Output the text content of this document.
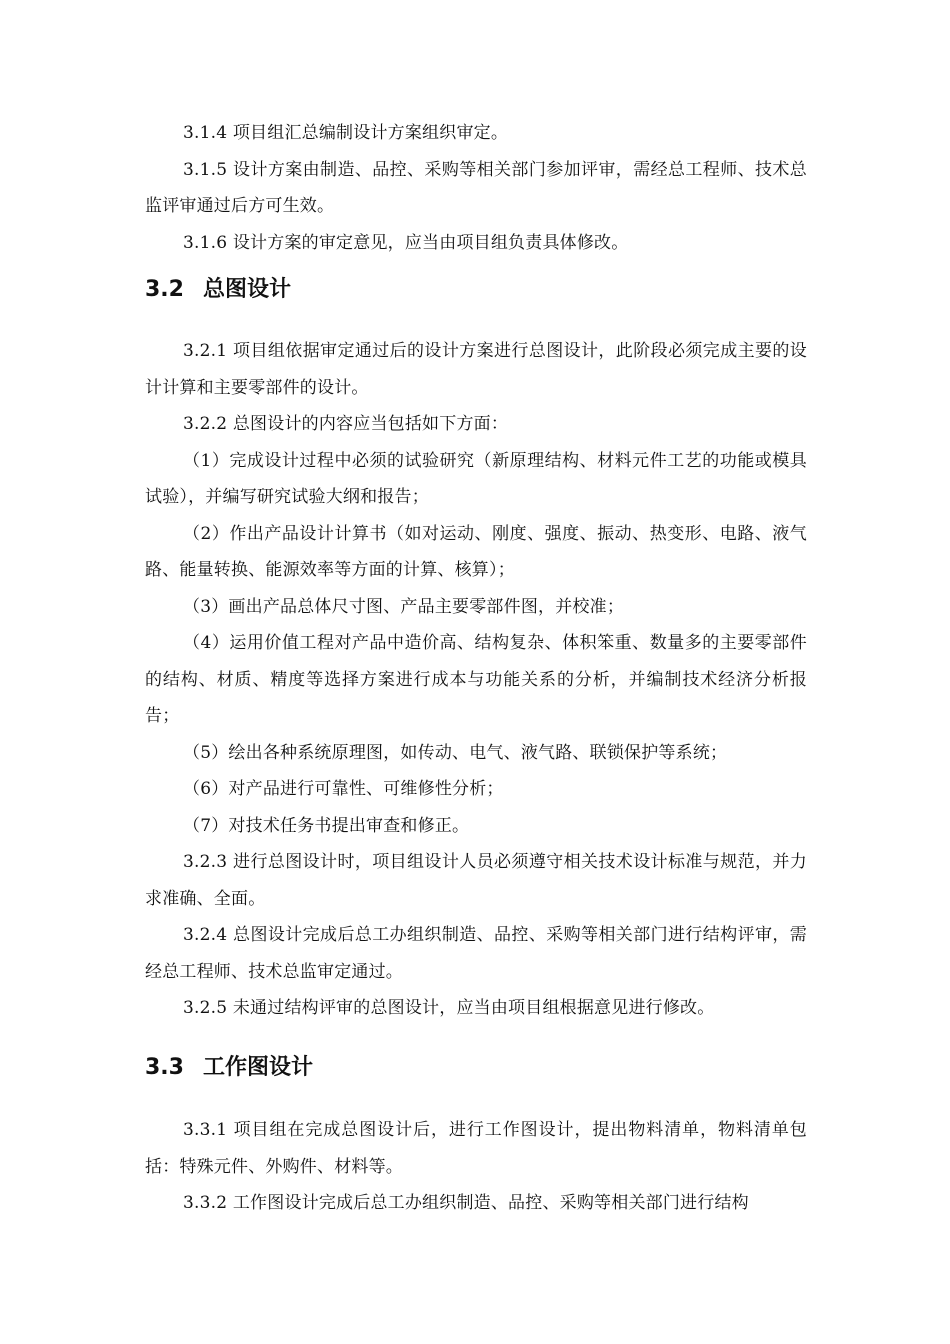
3.1.4 项目组汇总编制设计方案组织审定。

3.1.5 设计方案由制造、品控、采购等相关部门参加评审，需经总工程师、技术总监评审通过后方可生效。

3.1.6 设计方案的审定意见，应当由项目组负责具体修改。

3.2 总图设计

3.2.1 项目组依据审定通过后的设计方案进行总图设计，此阶段必须完成主要的设计计算和主要零部件的设计。

3.2.2 总图设计的内容应当包括如下方面：

（1）完成设计过程中必须的试验研究（新原理结构、材料元件工艺的功能或模具试验），并编写研究试验大纲和报告；

（2）作出产品设计计算书（如对运动、刚度、强度、振动、热变形、电路、液气路、能量转换、能源效率等方面的计算、核算）；

（3）画出产品总体尺寸图、产品主要零部件图，并校准；

（4）运用价值工程对产品中造价高、结构复杂、体积笨重、数量多的主要零部件的结构、材质、精度等选择方案进行成本与功能关系的分析，并编制技术经济分析报告；

（5）绘出各种系统原理图，如传动、电气、液气路、联锁保护等系统；

（6）对产品进行可靠性、可维修性分析；

（7）对技术任务书提出审查和修正。

3.2.3 进行总图设计时，项目组设计人员必须遵守相关技术设计标准与规范，并力求准确、全面。

3.2.4 总图设计完成后总工办组织制造、品控、采购等相关部门进行结构评审，需经总工程师、技术总监审定通过。

3.2.5 未通过结构评审的总图设计，应当由项目组根据意见进行修改。

3.3 工作图设计

3.3.1 项目组在完成总图设计后，进行工作图设计，提出物料清单，物料清单包括：特殊元件、外购件、材料等。

3.3.2 工作图设计完成后总工办组织制造、品控、采购等相关部门进行结构
